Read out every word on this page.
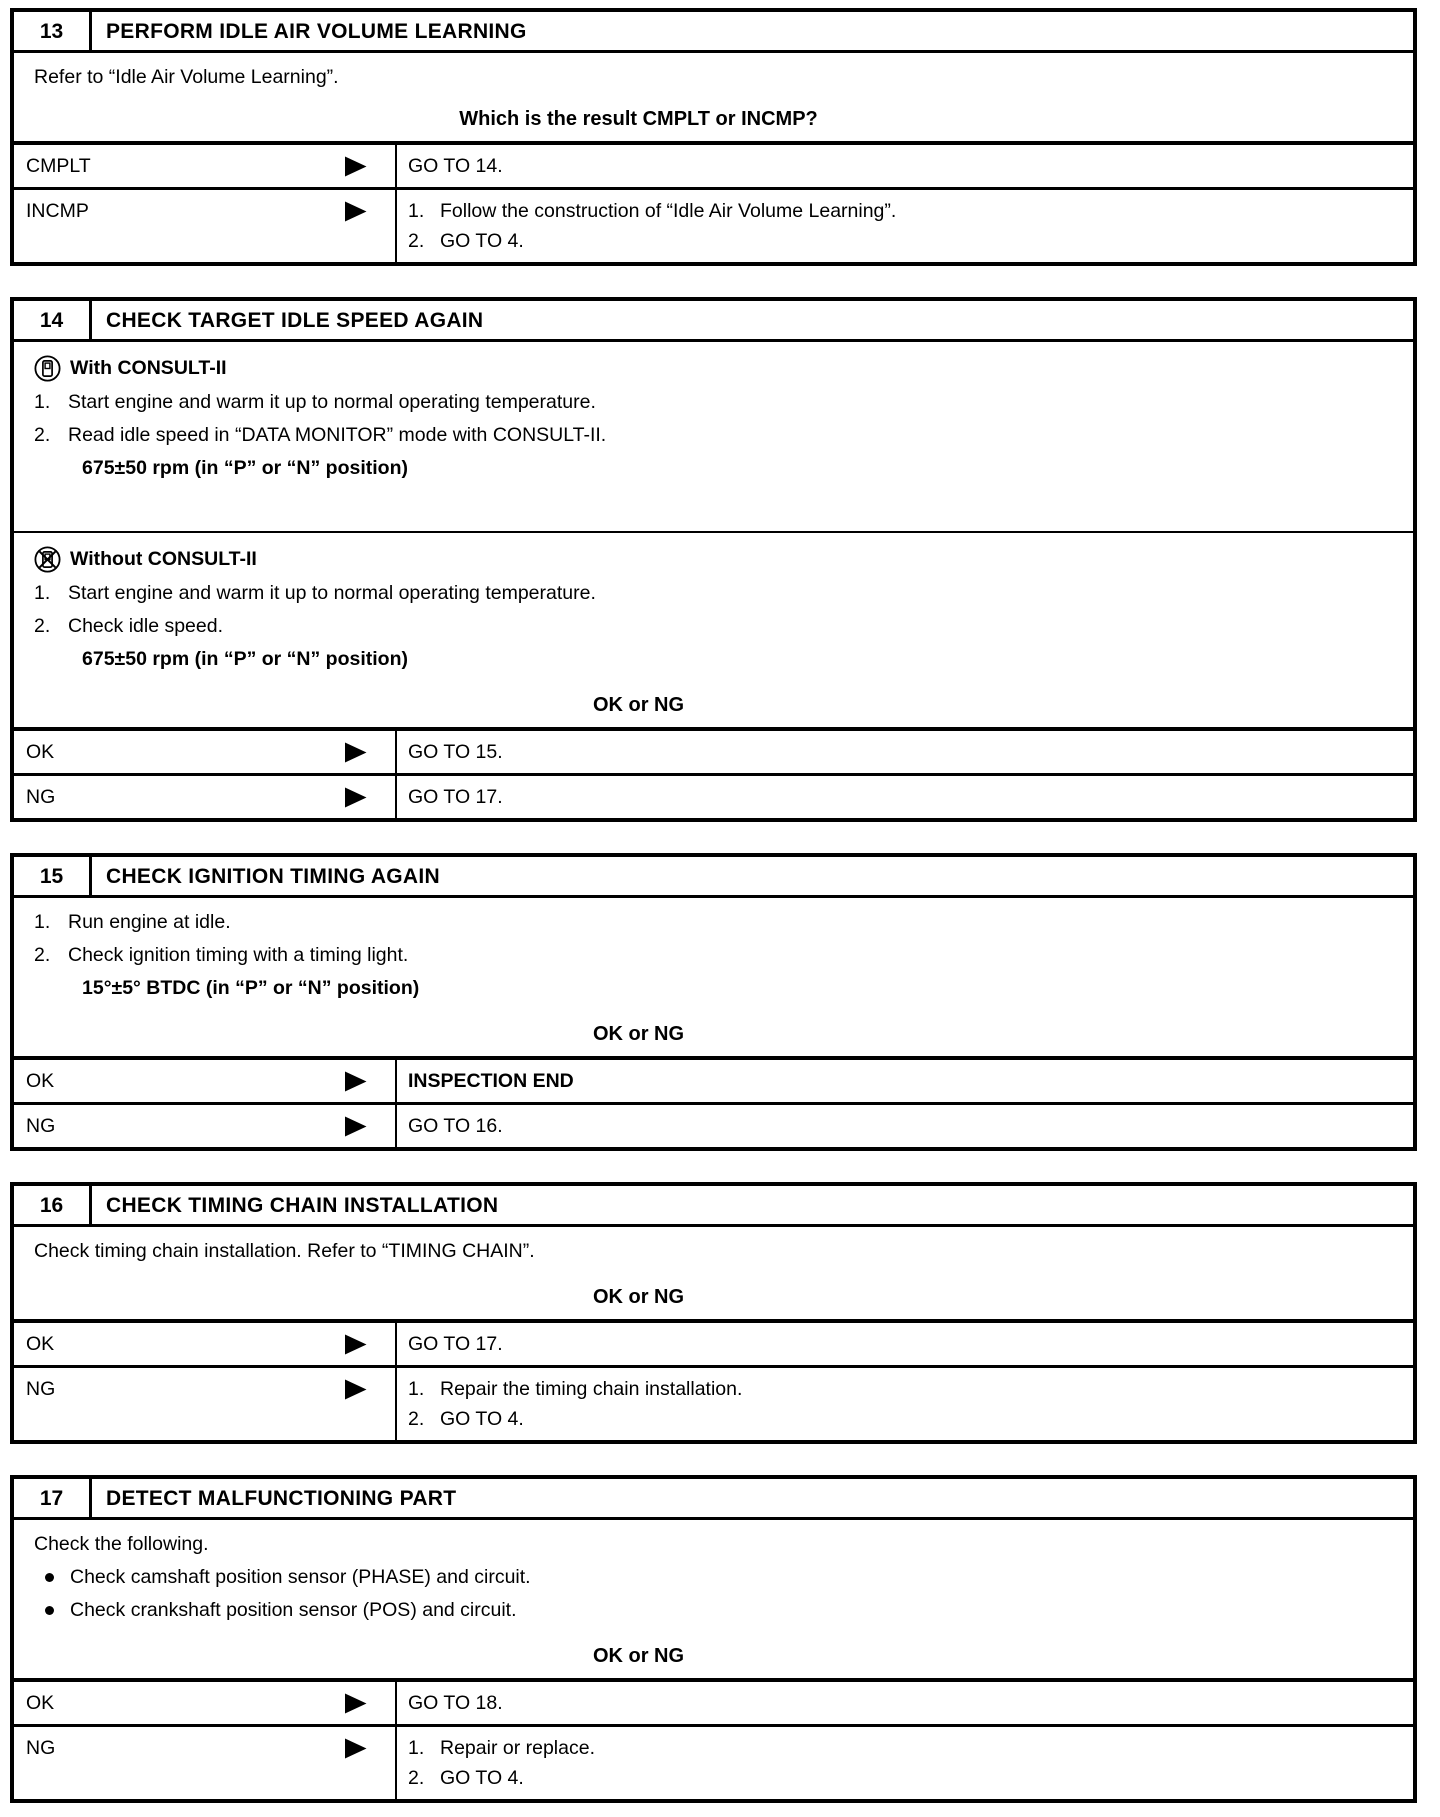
13	PERFORM IDLE AIR VOLUME LEARNING
Refer to “Idle Air Volume Learning”.
Which is the result CMPLT or INCMP?
CMPLT	GO TO 14.
INCMP	1. Follow the construction of “Idle Air Volume Learning”.
2. GO TO 4.
14	CHECK TARGET IDLE SPEED AGAIN
With CONSULT-II
1. Start engine and warm it up to normal operating temperature.
2. Read idle speed in “DATA MONITOR” mode with CONSULT-II.
675±50 rpm (in “P” or “N” position)
Without CONSULT-II
1. Start engine and warm it up to normal operating temperature.
2. Check idle speed.
675±50 rpm (in “P” or “N” position)
OK or NG
OK	GO TO 15.
NG	GO TO 17.
15	CHECK IGNITION TIMING AGAIN
1. Run engine at idle.
2. Check ignition timing with a timing light.
15°±5° BTDC (in “P” or “N” position)
OK or NG
OK	INSPECTION END
NG	GO TO 16.
16	CHECK TIMING CHAIN INSTALLATION
Check timing chain installation. Refer to “TIMING CHAIN”.
OK or NG
OK	GO TO 17.
NG	1. Repair the timing chain installation.
2. GO TO 4.
17	DETECT MALFUNCTIONING PART
Check the following.
Check camshaft position sensor (PHASE) and circuit.
Check crankshaft position sensor (POS) and circuit.
OK or NG
OK	GO TO 18.
NG	1. Repair or replace.
2. GO TO 4.
